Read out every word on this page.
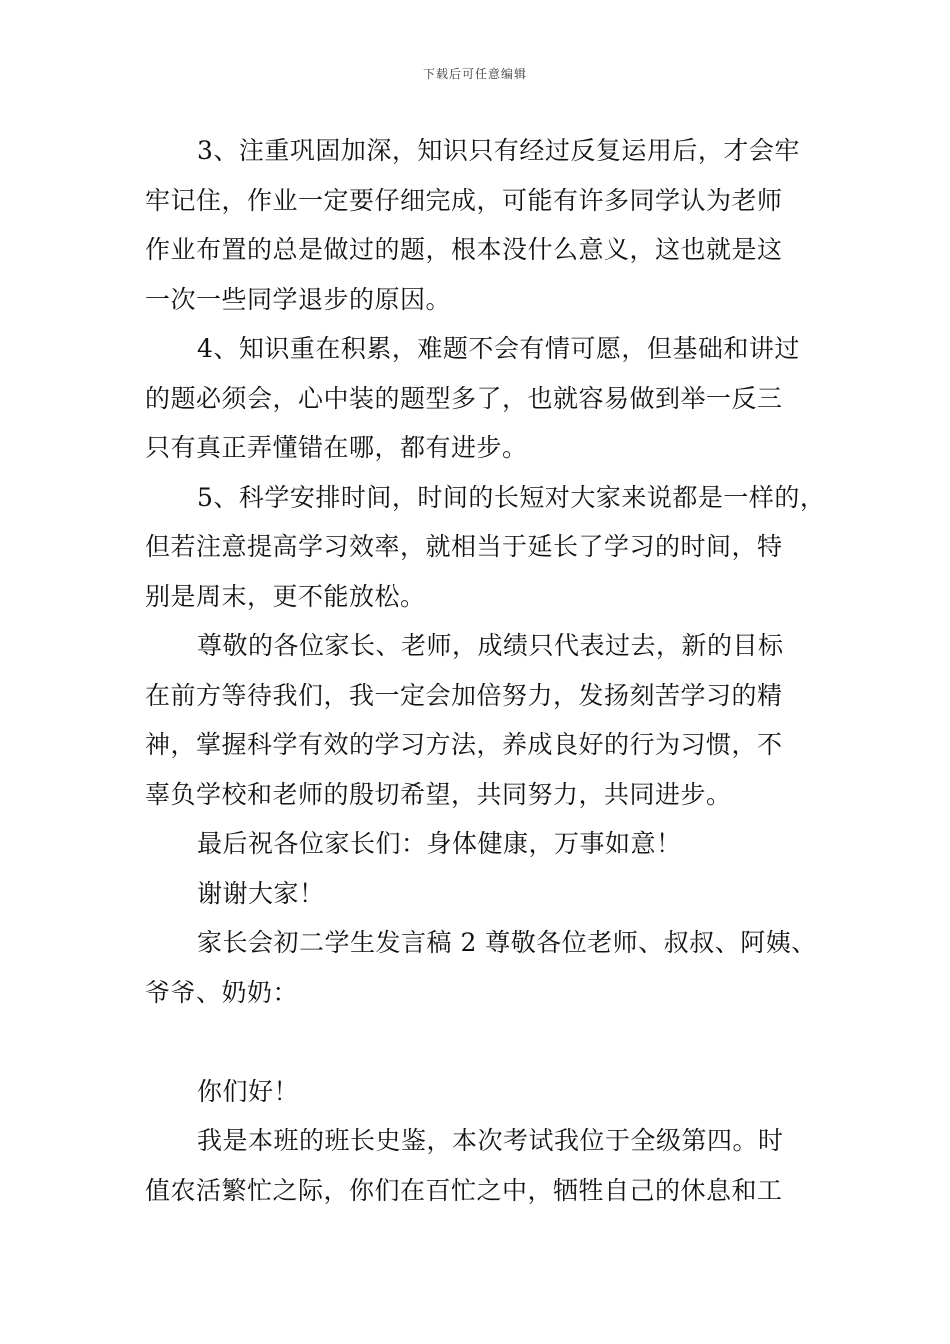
下载后可任意编辑
3、注重巩固加深，知识只有经过反复运用后，才会牢
牢记住，作业一定要仔细完成，可能有许多同学认为老师
作业布置的总是做过的题，根本没什么意义，这也就是这
一次一些同学退步的原因。
4、知识重在积累，难题不会有情可愿，但基础和讲过
的题必须会，心中装的题型多了，也就容易做到举一反三
只有真正弄懂错在哪，都有进步。
5、科学安排时间，时间的长短对大家来说都是一样的，
但若注意提高学习效率，就相当于延长了学习的时间，特
别是周末，更不能放松。
尊敬的各位家长、老师，成绩只代表过去，新的目标
在前方等待我们，我一定会加倍努力，发扬刻苦学习的精
神，掌握科学有效的学习方法，养成良好的行为习惯，不
辜负学校和老师的殷切希望，共同努力，共同进步。
最后祝各位家长们：身体健康，万事如意！
谢谢大家！
家长会初二学生发言稿 2 尊敬各位老师、叔叔、阿姨、
爷爷、奶奶：
你们好！
我是本班的班长史鉴，本次考试我位于全级第四。时
值农活繁忙之际，你们在百忙之中，牺牲自己的休息和工
